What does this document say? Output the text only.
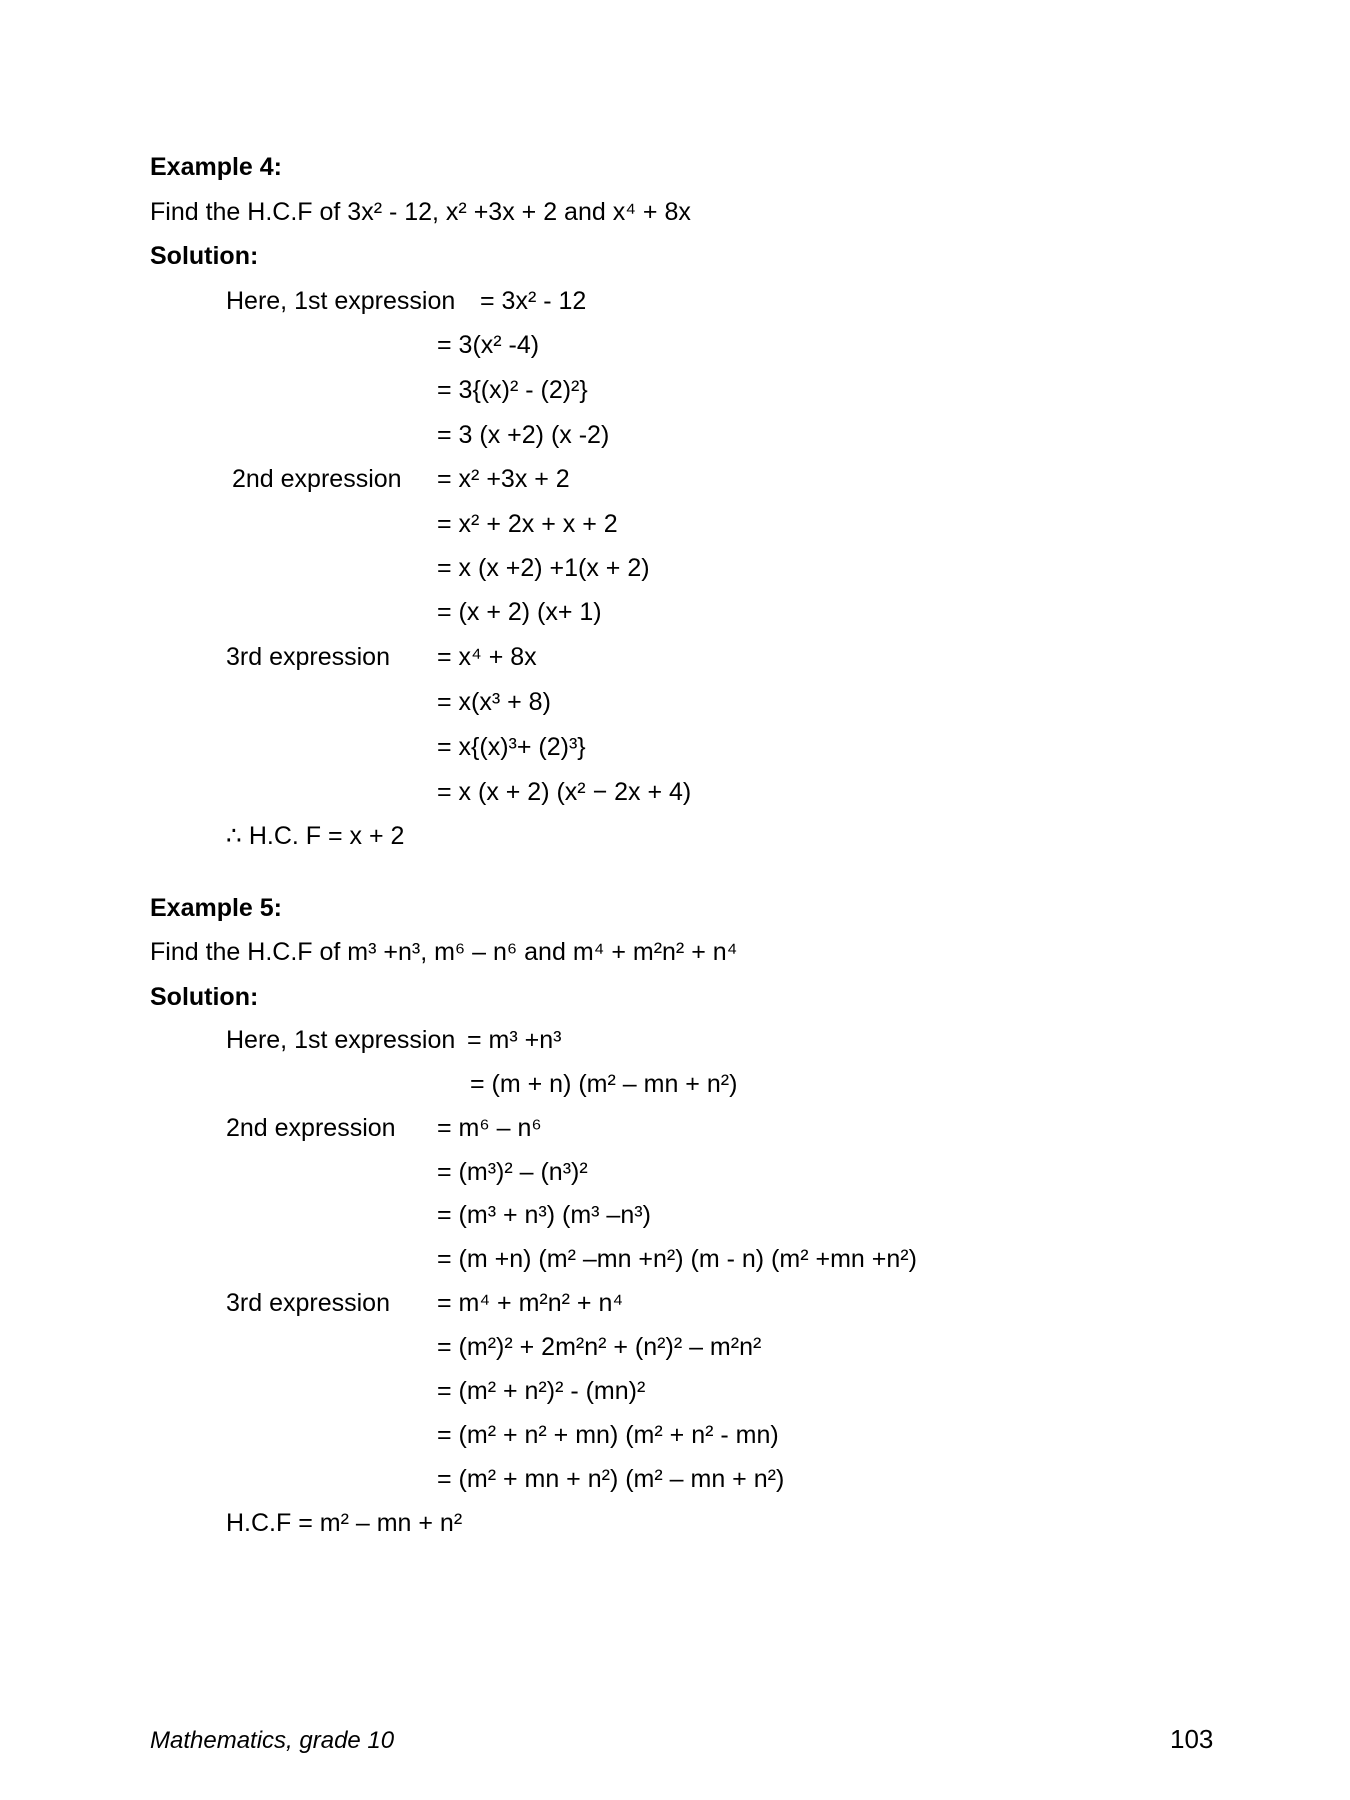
Example 4:
Find the H.C.F of 3x² - 12, x² +3x + 2 and x⁴ + 8x
Solution:
Here, 1st expression = 3x² - 12
= 3(x² -4)
= 3{(x)² - (2)²}
= 3 (x +2) (x -2)
2nd expression = x² +3x + 2
= x² + 2x + x + 2
= x (x +2) +1(x + 2)
= (x + 2) (x+ 1)
3rd expression = x⁴ + 8x
= x(x³ + 8)
= x{(x)³+ (2)³}
= x (x + 2) (x² − 2x + 4)
∴ H.C. F = x + 2
Example 5:
Find the H.C.F of m³ +n³, m⁶ – n⁶ and m⁴ + m²n² + n⁴
Solution:
Here, 1st expression = m³ +n³
= (m + n) (m² – mn + n²)
2nd expression = m⁶ – n⁶
= (m³)² – (n³)²
= (m³ + n³) (m³ –n³)
= (m +n) (m² –mn +n²) (m - n) (m² +mn +n²)
3rd expression = m⁴ + m²n² + n⁴
= (m²)² + 2m²n² + (n²)² – m²n²
= (m² + n²)² - (mn)²
= (m² + n² + mn) (m² + n² - mn)
= (m² + mn + n²) (m² – mn + n²)
H.C.F = m² – mn + n²
Mathematics, grade 10	103
